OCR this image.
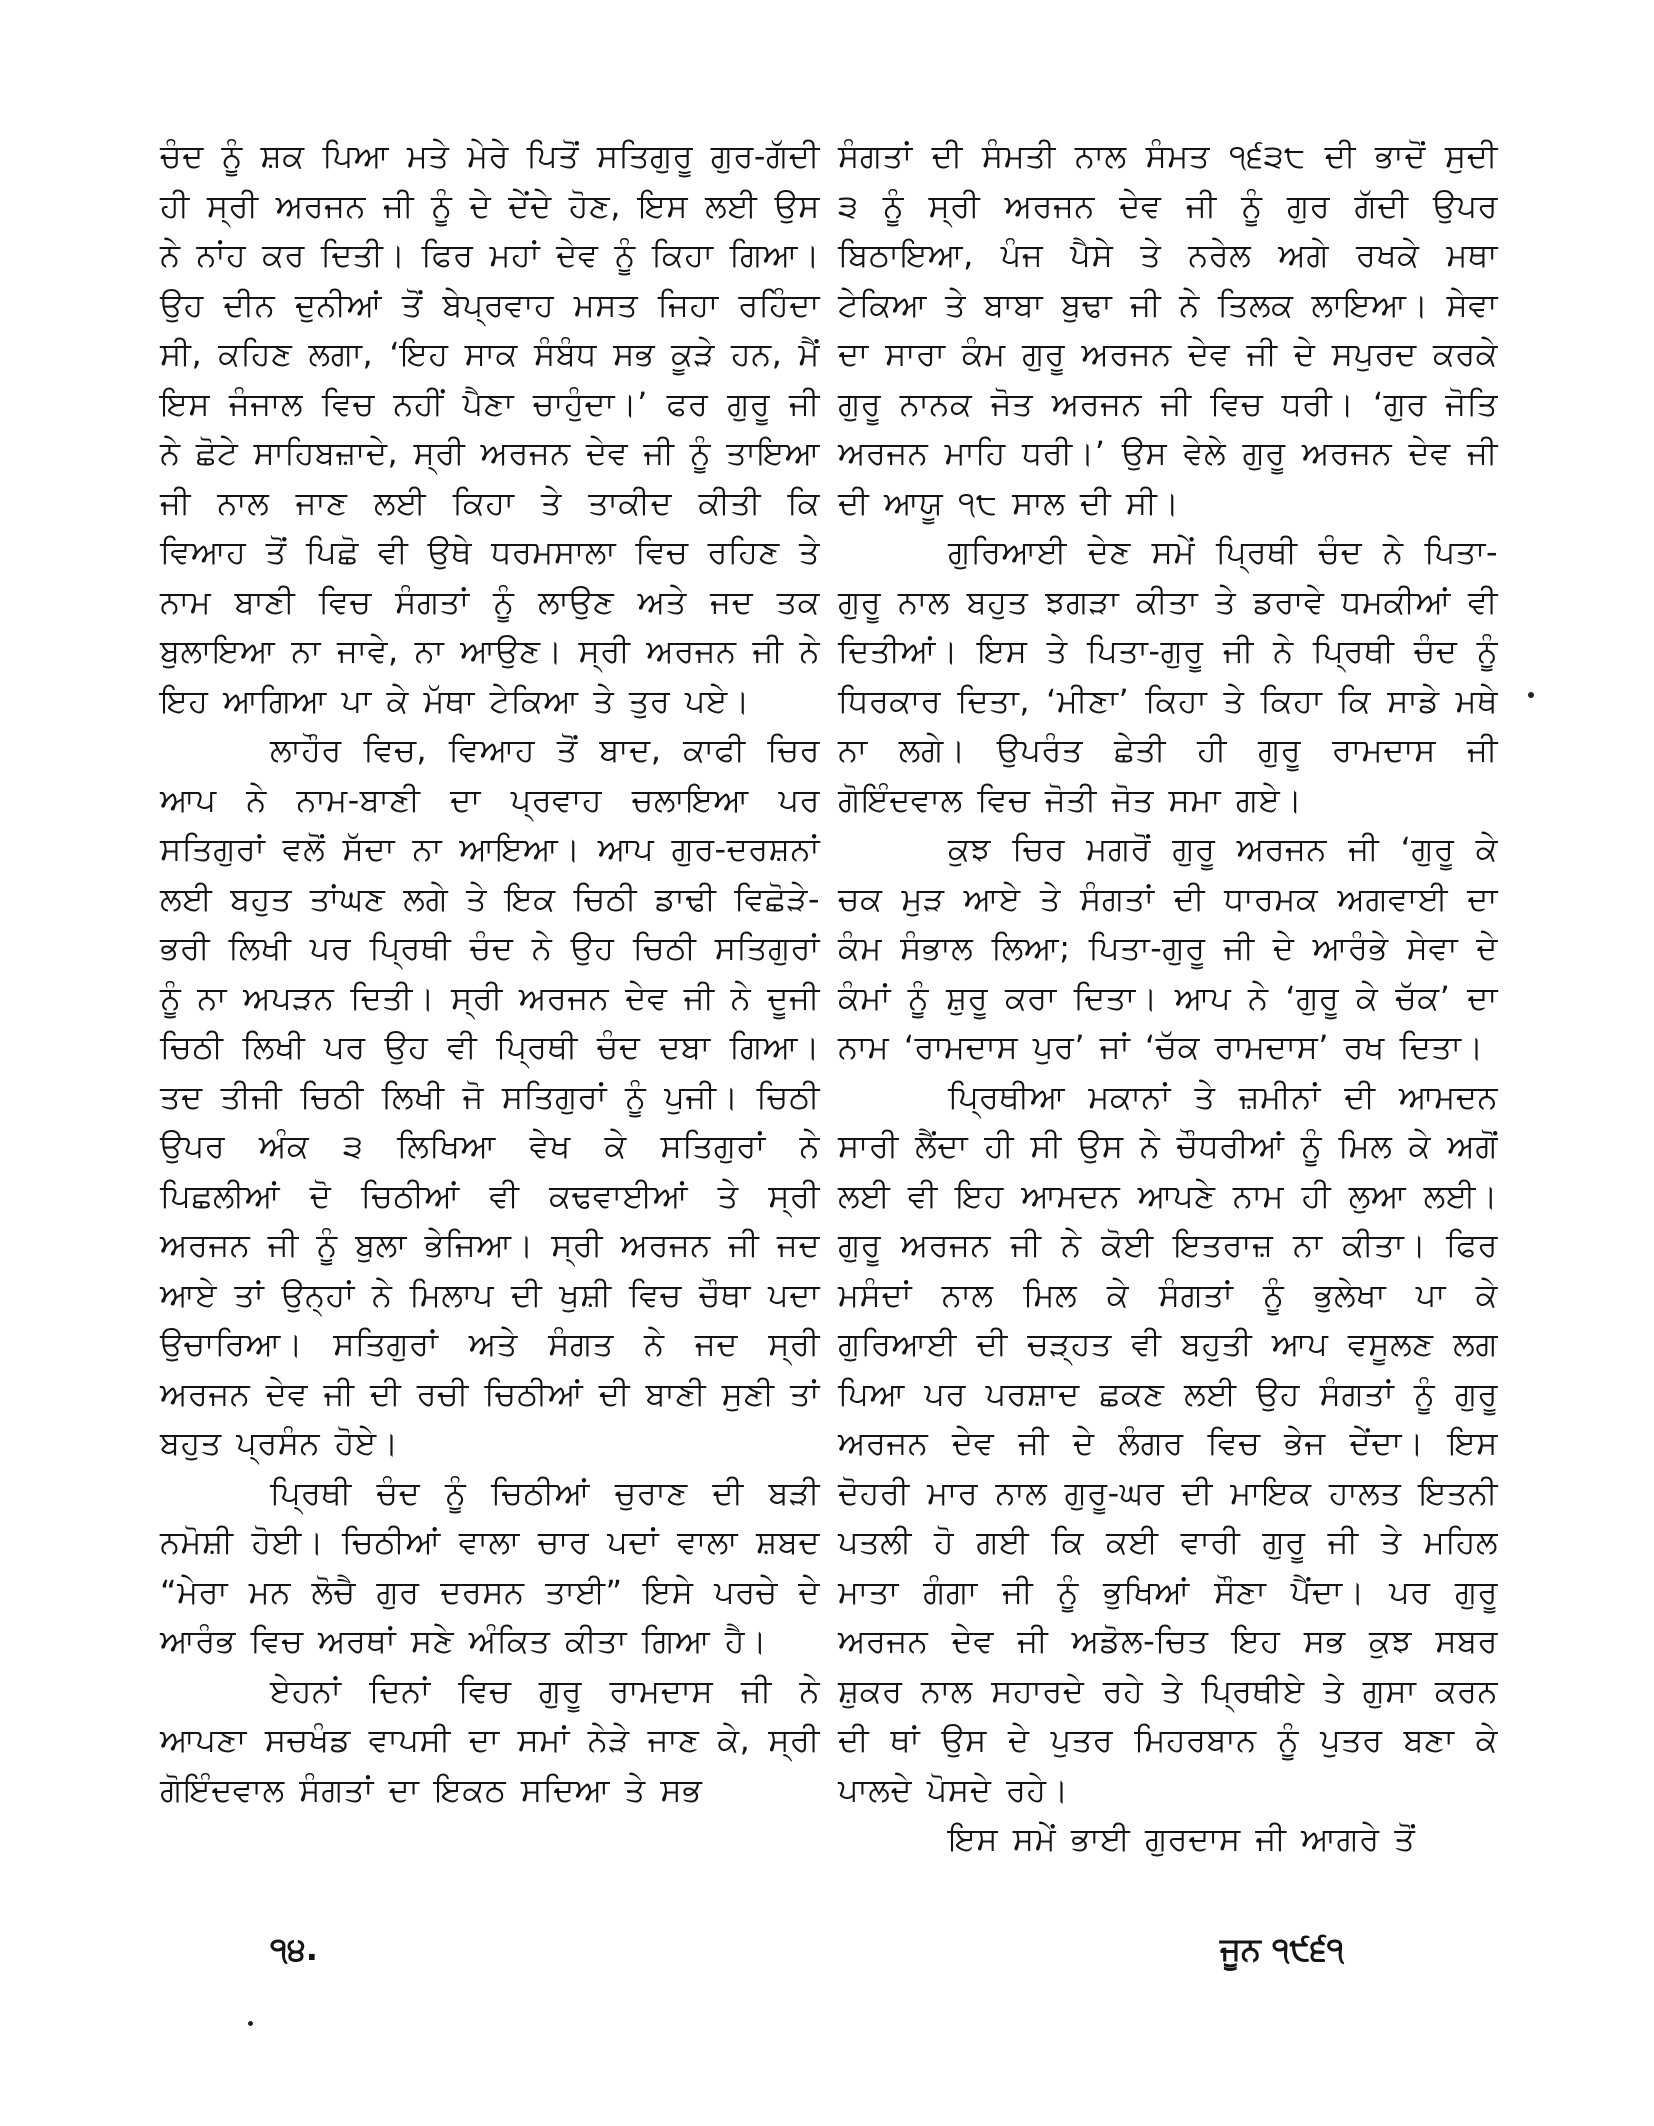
ਚੰਦ ਨੂੰ ਸ਼ਕ ਪਿਆ ਮਤੇ ਮੇਰੇ ਪਿਤੋਂ ਸਤਿਗੁਰੂ ਗੁਰ-ਗੱਦੀ ਹੀ ਸ੍ਰੀ ਅਰਜਨ ਜੀ ਨੂੰ ਦੇ ਦੇਂਦੇ ਹੋਣ, ਇਸ ਲਈ ਉਸ ਨੇ ਨਾਂਹ ਕਰ ਦਿਤੀ। ਫਿਰ ਮਹਾਂ ਦੇਵ ਨੂੰ ਕਿਹਾ ਗਿਆ। ਉਹ ਦੀਨ ਦੁਨੀਆਂ ਤੋਂ ਬੇਪ੍ਰਵਾਹ ਮਸਤ ਜਿਹਾ ਰਹਿੰਦਾ ਸੀ, ਕਹਿਣ ਲਗਾ, ‘ਇਹ ਸਾਕ ਸੰਬੰਧ ਸਭ ਕੂੜੇ ਹਨ, ਮੈਂ ਇਸ ਜੰਜਾਲ ਵਿਚ ਨਹੀਂ ਪੈਣਾ ਚਾਹੁੰਦਾ।’ ਫਰ ਗੁਰੂ ਜੀ ਨੇ ਛੋਟੇ ਸਾਹਿਬਜ਼ਾਦੇ, ਸ੍ਰੀ ਅਰਜਨ ਦੇਵ ਜੀ ਨੂੰ ਤਾਇਆ ਜੀ ਨਾਲ ਜਾਣ ਲਈ ਕਿਹਾ ਤੇ ਤਾਕੀਦ ਕੀਤੀ ਕਿ ਵਿਆਹ ਤੋਂ ਪਿਛੋ ਵੀ ਉਥੇ ਧਰਮਸਾਲਾ ਵਿਚ ਰਹਿਣ ਤੇ ਨਾਮ ਬਾਣੀ ਵਿਚ ਸੰਗਤਾਂ ਨੂੰ ਲਾਉਣ ਅਤੇ ਜਦ ਤਕ ਬੁਲਾਇਆ ਨਾ ਜਾਵੇ, ਨਾ ਆਉਣ। ਸ੍ਰੀ ਅਰਜਨ ਜੀ ਨੇ ਇਹ ਆਗਿਆ ਪਾ ਕੇ ਮੱਥਾ ਟੇਕਿਆ ਤੇ ਤੁਰ ਪਏ।

ਲਾਹੌਰ ਵਿਚ, ਵਿਆਹ ਤੋਂ ਬਾਦ, ਕਾਫੀ ਚਿਰ ਆਪ ਨੇ ਨਾਮ-ਬਾਣੀ ਦਾ ਪ੍ਰਵਾਹ ਚਲਾਇਆ ਪਰ ਸਤਿਗੁਰਾਂ ਵਲੋਂ ਸੱਦਾ ਨਾ ਆਇਆ। ਆਪ ਗੁਰ-ਦਰਸ਼ਨਾਂ ਲਈ ਬਹੁਤ ਤਾਂਘਣ ਲਗੇ ਤੇ ਇਕ ਚਿਠੀ ਡਾਢੀ ਵਿਛੋੜੇ-ਭਰੀ ਲਿਖੀ ਪਰ ਪ੍ਰਿਥੀ ਚੰਦ ਨੇ ਉਹ ਚਿਠੀ ਸਤਿਗੁਰਾਂ ਨੂੰ ਨਾ ਅਪੜਨ ਦਿਤੀ। ਸ੍ਰੀ ਅਰਜਨ ਦੇਵ ਜੀ ਨੇ ਦੂਜੀ ਚਿਠੀ ਲਿਖੀ ਪਰ ਉਹ ਵੀ ਪ੍ਰਿਥੀ ਚੰਦ ਦਬਾ ਗਿਆ। ਤਦ ਤੀਜੀ ਚਿਠੀ ਲਿਖੀ ਜੋ ਸਤਿਗੁਰਾਂ ਨੂੰ ਪੁਜੀ। ਚਿਠੀ ਉਪਰ ਅੰਕ ੩ ਲਿਖਿਆ ਵੇਖ ਕੇ ਸਤਿਗੁਰਾਂ ਨੇ ਪਿਛਲੀਆਂ ਦੋ ਚਿਠੀਆਂ ਵੀ ਕਢਵਾਈਆਂ ਤੇ ਸ੍ਰੀ ਅਰਜਨ ਜੀ ਨੂੰ ਬੁਲਾ ਭੇਜਿਆ। ਸ੍ਰੀ ਅਰਜਨ ਜੀ ਜਦ ਆਏ ਤਾਂ ਉਨ੍ਹਾਂ ਨੇ ਮਿਲਾਪ ਦੀ ਖੁਸ਼ੀ ਵਿਚ ਚੌਥਾ ਪਦਾ ਉਚਾਰਿਆ। ਸਤਿਗੁਰਾਂ ਅਤੇ ਸੰਗਤ ਨੇ ਜਦ ਸ੍ਰੀ ਅਰਜਨ ਦੇਵ ਜੀ ਦੀ ਰਚੀ ਚਿਠੀਆਂ ਦੀ ਬਾਣੀ ਸੁਣੀ ਤਾਂ ਬਹੁਤ ਪ੍ਰਸੰਨ ਹੋਏ।

ਪ੍ਰਿਥੀ ਚੰਦ ਨੂੰ ਚਿਠੀਆਂ ਚੁਰਾਣ ਦੀ ਬੜੀ ਨਮੋਸ਼ੀ ਹੋਈ। ਚਿਠੀਆਂ ਵਾਲਾ ਚਾਰ ਪਦਾਂ ਵਾਲਾ ਸ਼ਬਦ “ਮੇਰਾ ਮਨ ਲੋਚੈ ਗੁਰ ਦਰਸਨ ਤਾਈ” ਇਸੇ ਪਰਚੇ ਦੇ ਆਰੰਭ ਵਿਚ ਅਰਥਾਂ ਸਣੇ ਅੰਕਿਤ ਕੀਤਾ ਗਿਆ ਹੈ।

ਏਹਨਾਂ ਦਿਨਾਂ ਵਿਚ ਗੁਰੂ ਰਾਮਦਾਸ ਜੀ ਨੇ ਆਪਣਾ ਸਚਖੰਡ ਵਾਪਸੀ ਦਾ ਸਮਾਂ ਨੇੜੇ ਜਾਣ ਕੇ, ਸ੍ਰੀ ਗੋਇੰਦਵਾਲ ਸੰਗਤਾਂ ਦਾ ਇਕਠ ਸਦਿਆ ਤੇ ਸਭ

ਸੰਗਤਾਂ ਦੀ ਸੰਮਤੀ ਨਾਲ ਸੰਮਤ ੧੬੩੮ ਦੀ ਭਾਦੋਂ ਸੁਦੀ ੩ ਨੂੰ ਸ੍ਰੀ ਅਰਜਨ ਦੇਵ ਜੀ ਨੂੰ ਗੁਰ ਗੱਦੀ ਉਪਰ ਬਿਠਾਇਆ, ਪੰਜ ਪੈਸੇ ਤੇ ਨਰੇਲ ਅਗੇ ਰਖਕੇ ਮਥਾ ਟੇਕਿਆ ਤੇ ਬਾਬਾ ਬੁਢਾ ਜੀ ਨੇ ਤਿਲਕ ਲਾਇਆ। ਸੇਵਾ ਦਾ ਸਾਰਾ ਕੰਮ ਗੁਰੂ ਅਰਜਨ ਦੇਵ ਜੀ ਦੇ ਸਪੁਰਦ ਕਰਕੇ ਗੁਰੂ ਨਾਨਕ ਜੋਤ ਅਰਜਨ ਜੀ ਵਿਚ ਧਰੀ। ‘ਗੁਰ ਜੋਤਿ ਅਰਜਨ ਮਾਹਿ ਧਰੀ।’ ਉਸ ਵੇਲੇ ਗੁਰੂ ਅਰਜਨ ਦੇਵ ਜੀ ਦੀ ਆਯੂ ੧੮ ਸਾਲ ਦੀ ਸੀ।

ਗੁਰਿਆਈ ਦੇਣ ਸਮੇਂ ਪ੍ਰਿਥੀ ਚੰਦ ਨੇ ਪਿਤਾ-ਗੁਰੂ ਨਾਲ ਬਹੁਤ ਝਗੜਾ ਕੀਤਾ ਤੇ ਡਰਾਵੇ ਧਮਕੀਆਂ ਵੀ ਦਿਤੀਆਂ। ਇਸ ਤੇ ਪਿਤਾ-ਗੁਰੂ ਜੀ ਨੇ ਪ੍ਰਿਥੀ ਚੰਦ ਨੂੰ ਧਿਰਕਾਰ ਦਿਤਾ, ‘ਮੀਣਾ’ ਕਿਹਾ ਤੇ ਕਿਹਾ ਕਿ ਸਾਡੇ ਮਥੇ ਨਾ ਲਗੇ। ਉਪਰੰਤ ਛੇਤੀ ਹੀ ਗੁਰੂ ਰਾਮਦਾਸ ਜੀ ਗੋਇੰਦਵਾਲ ਵਿਚ ਜੋਤੀ ਜੋਤ ਸਮਾ ਗਏ।

ਕੁਝ ਚਿਰ ਮਗਰੋਂ ਗੁਰੂ ਅਰਜਨ ਜੀ ‘ਗੁਰੂ ਕੇ ਚਕ ਮੁੜ ਆਏ ਤੇ ਸੰਗਤਾਂ ਦੀ ਧਾਰਮਕ ਅਗਵਾਈ ਦਾ ਕੰਮ ਸੰਭਾਲ ਲਿਆ; ਪਿਤਾ-ਗੁਰੂ ਜੀ ਦੇ ਆਰੰਭੇ ਸੇਵਾ ਦੇ ਕੰਮਾਂ ਨੂੰ ਸ਼ੁਰੂ ਕਰਾ ਦਿਤਾ। ਆਪ ਨੇ ‘ਗੁਰੂ ਕੇ ਚੱਕ’ ਦਾ ਨਾਮ ‘ਰਾਮਦਾਸ ਪੁਰ’ ਜਾਂ ‘ਚੱਕ ਰਾਮਦਾਸ’ ਰਖ ਦਿਤਾ।

ਪ੍ਰਿਥੀਆ ਮਕਾਨਾਂ ਤੇ ਜ਼ਮੀਨਾਂ ਦੀ ਆਮਦਨ ਸਾਰੀ ਲੈਂਦਾ ਹੀ ਸੀ ਉਸ ਨੇ ਚੌਧਰੀਆਂ ਨੂੰ ਮਿਲ ਕੇ ਅਗੋਂ ਲਈ ਵੀ ਇਹ ਆਮਦਨ ਆਪਣੇ ਨਾਮ ਹੀ ਲੁਆ ਲਈ। ਗੁਰੂ ਅਰਜਨ ਜੀ ਨੇ ਕੋਈ ਇਤਰਾਜ਼ ਨਾ ਕੀਤਾ। ਫਿਰ ਮਸੰਦਾਂ ਨਾਲ ਮਿਲ ਕੇ ਸੰਗਤਾਂ ਨੂੰ ਭੁਲੇਖਾ ਪਾ ਕੇ ਗੁਰਿਆਈ ਦੀ ਚੜ੍ਹਤ ਵੀ ਬਹੁਤੀ ਆਪ ਵਸੂਲਣ ਲਗ ਪਿਆ ਪਰ ਪਰਸ਼ਾਦ ਛਕਣ ਲਈ ਉਹ ਸੰਗਤਾਂ ਨੂੰ ਗੁਰੂ ਅਰਜਨ ਦੇਵ ਜੀ ਦੇ ਲੰਗਰ ਵਿਚ ਭੇਜ ਦੇਂਦਾ। ਇਸ ਦੋਹਰੀ ਮਾਰ ਨਾਲ ਗੁਰੂ-ਘਰ ਦੀ ਮਾਇਕ ਹਾਲਤ ਇਤਨੀ ਪਤਲੀ ਹੋ ਗਈ ਕਿ ਕਈ ਵਾਰੀ ਗੁਰੂ ਜੀ ਤੇ ਮਹਿਲ ਮਾਤਾ ਗੰਗਾ ਜੀ ਨੂੰ ਭੁਖਿਆਂ ਸੌਣਾ ਪੈਂਦਾ। ਪਰ ਗੁਰੂ ਅਰਜਨ ਦੇਵ ਜੀ ਅਡੋਲ-ਚਿਤ ਇਹ ਸਭ ਕੁਝ ਸਬਰ ਸ਼ੁਕਰ ਨਾਲ ਸਹਾਰਦੇ ਰਹੇ ਤੇ ਪ੍ਰਿਥੀਏ ਤੇ ਗੁਸਾ ਕਰਨ ਦੀ ਥਾਂ ਉਸ ਦੇ ਪੁਤਰ ਮਿਹਰਬਾਨ ਨੂੰ ਪੁਤਰ ਬਣਾ ਕੇ ਪਾਲਦੇ ਪੋਸਦੇ ਰਹੇ।

ਇਸ ਸਮੇਂ ਭਾਈ ਗੁਰਦਾਸ ਜੀ ਆਗਰੇ ਤੋਂ

੧੪.	ਜੂਨ ੧੯੬੧
